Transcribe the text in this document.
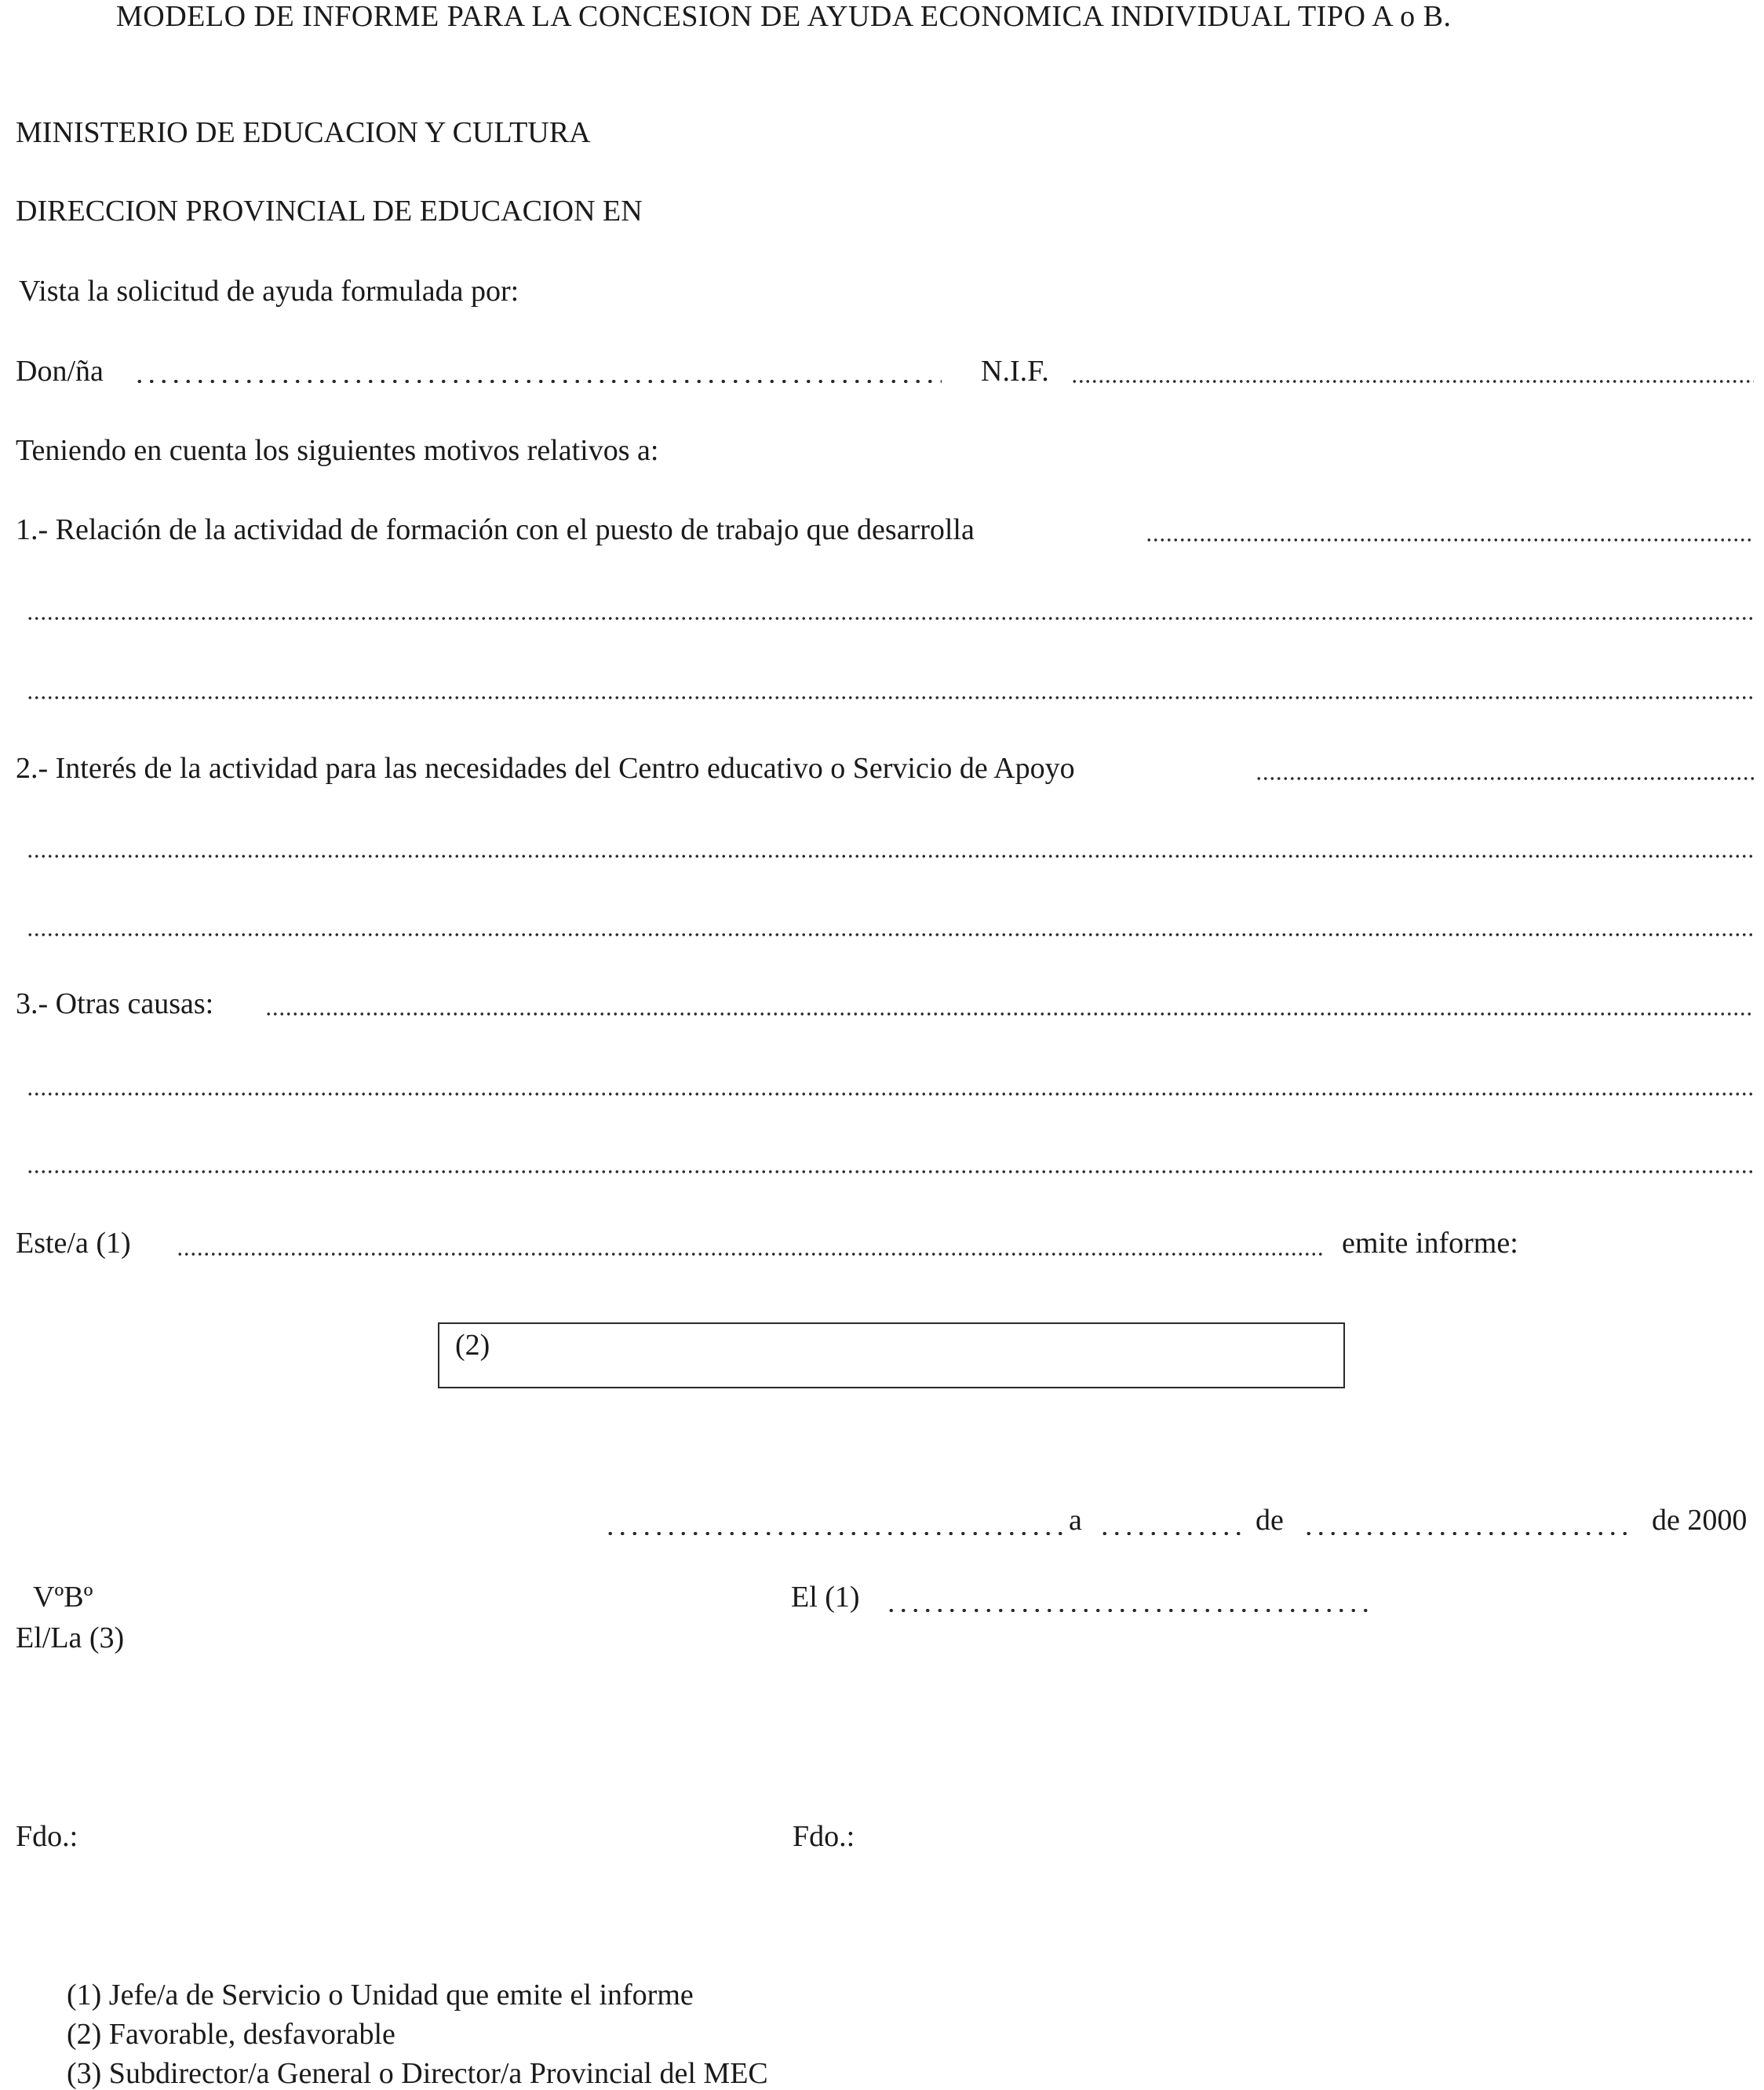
MODELO DE INFORME PARA LA CONCESION DE AYUDA ECONOMICA INDIVIDUAL TIPO A o B.
MINISTERIO DE EDUCACION Y CULTURA
DIRECCION PROVINCIAL DE EDUCACION EN
Vista la solicitud de ayuda formulada por:
Don/ña	N.I.F.
Teniendo en cuenta los siguientes motivos relativos a:
1.- Relación de la actividad de formación con el puesto de trabajo que desarrolla
2.- Interés de la actividad para las necesidades del Centro educativo o Servicio de Apoyo
3.- Otras causas:
Este/a (1)	emite informe:
(2)
a	de	de 2000
VºBº
El/La (3)
El (1)
Fdo.:	Fdo.:
(1) Jefe/a de Servicio o Unidad que emite el informe
(2) Favorable, desfavorable
(3) Subdirector/a General o Director/a Provincial del MEC
